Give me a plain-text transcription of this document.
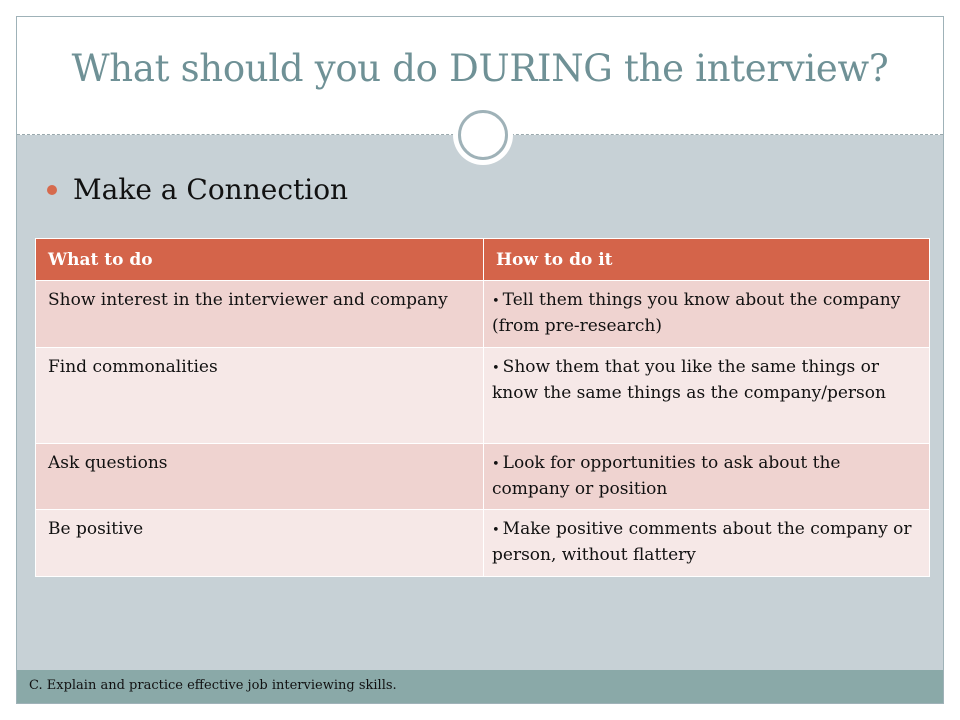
What should you do DURING the interview?
Make a Connection
What to do	How to do it
Show interest in the interviewer and company	• Tell them things you know about the company (from pre-research)
Find commonalities	• Show them that you like the same things or know the same things as the company/person
Ask questions	• Look for opportunities to ask about the company or position
Be positive	• Make positive comments about the company or person, without flattery
C. Explain and practice effective job interviewing skills.
